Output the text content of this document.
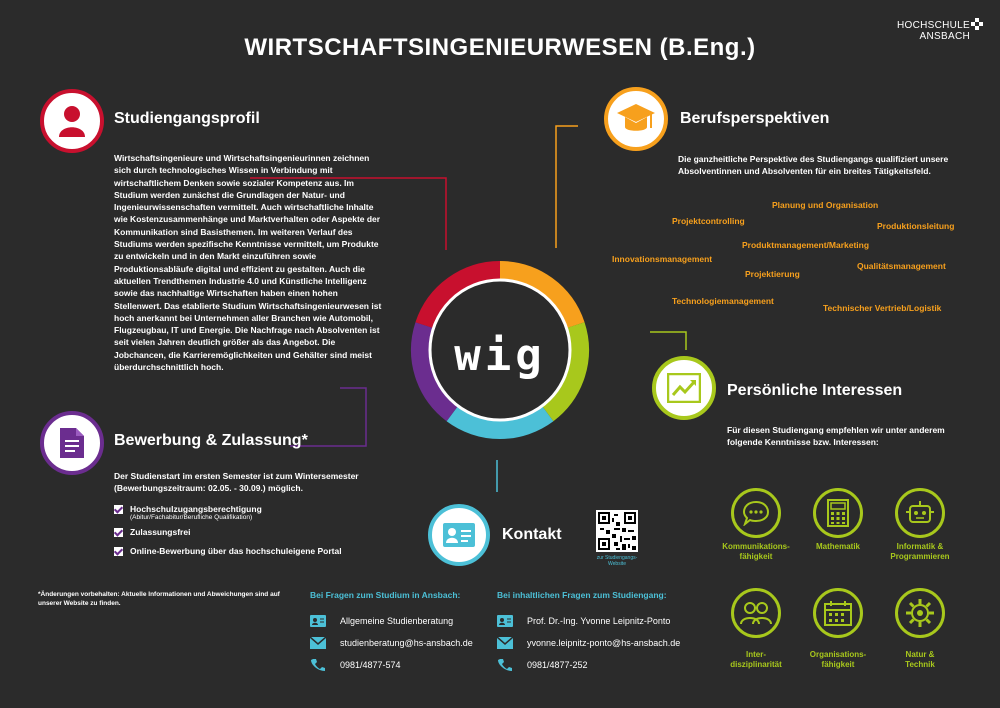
WIRTSCHAFTSINGENIEURWESEN (B.Eng.)
HOCHSCHULE
ANSBACH
wig
Studiengangsprofil
Wirtschaftsingenieure und Wirtschaftsingenieurinnen zeichnen sich durch technologisches Wissen in Verbindung mit wirtschaftlichem Denken sowie sozialer Kompetenz aus. Im Studium werden zunächst die Grundlagen der Natur- und Ingenieurwissenschaften vermittelt. Auch wirtschaftliche Inhalte wie Kostenzusammenhänge und Marktverhalten oder Aspekte der Kommunikation sind Basisthemen. Im weiteren Verlauf des Studiums werden spezifische Kenntnisse vermittelt, um Produkte zu entwickeln und in den Markt einzuführen sowie Produktionsabläufe digital und effizient zu gestalten. Auch die aktuellen Trendthemen Industrie 4.0 und Künstliche Intelligenz sowie das nachhaltige Wirtschaften haben einen hohen Stellenwert. Das etablierte Studium Wirtschaftsingenieurwesen ist hoch anerkannt bei Unternehmen aller Branchen wie Automobil, Flugzeugbau, IT und Energie. Die Nachfrage nach Absolventen ist seit vielen Jahren deutlich größer als das Angebot. Die Jobchancen, die Karrieremöglichkeiten und Gehälter sind meist überdurchschnittlich hoch.
Berufsperspektiven
Die ganzheitliche Perspektive des Studiengangs qualifiziert unsere Absolventinnen und Absolventen für ein breites Tätigkeitsfeld.
Planung und Organisation
Projektcontrolling	Produktionsleitung
Produktmanagement/Marketing
Innovationsmanagement
Qualitätsmanagement
Projektierung
Technologiemanagement
Technischer Vertrieb/Logistik
Persönliche Interessen
Für diesen Studiengang empfehlen wir unter anderem folgende Kenntnisse bzw. Interessen:
Kommunikations-
fähigkeit
Mathematik	Informatik &
Programmieren
Inter-
disziplinarität
Organisations-
fähigkeit
Natur &
Technik
Bewerbung & Zulassung*
Der Studienstart im ersten Semester ist zum Wintersemester (Bewerbungszeitraum: 02.05. - 30.09.) möglich.
Hochschulzugangsberechtigung
(Abitur/Fachabitur/Berufliche Qualifikation)
Zulassungsfrei
Online-Bewerbung über das hochschuleigene Portal
Kontakt
zur Studiengangs-
Website
*Änderungen vorbehalten: Aktuelle Informationen und Abweichungen sind auf unserer Website zu finden.
Bei Fragen zum Studium in Ansbach:
Allgemeine Studienberatung
studienberatung@hs-ansbach.de
0981/4877-574
Bei inhaltlichen Fragen zum Studiengang:
Prof. Dr.-Ing. Yvonne Leipnitz-Ponto
yvonne.leipnitz-ponto@hs-ansbach.de
0981/4877-252
